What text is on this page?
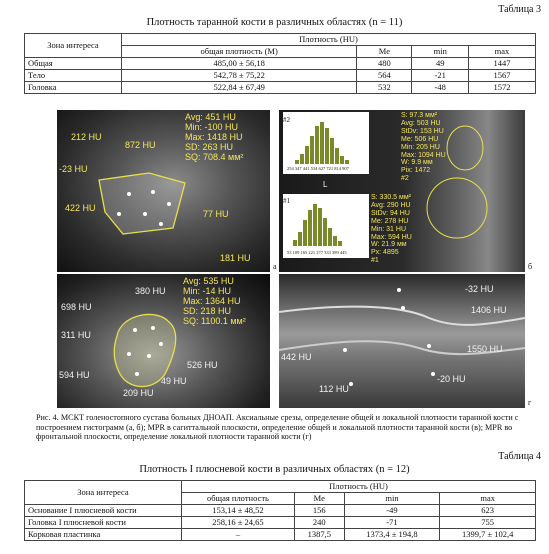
Таблица 3
Плотность таранной кости в различных областях (n = 11)
Зона интереса	Плотность (HU)			
	общая плотность (M)	Me	min	max
Общая	485,00 ± 56,18	480	49	1447
Тело	542,78 ± 75,22	564	-21	1567
Головка	522,84 ± 67,49	532	-48	1572
Avg: 451 HU
Min: -100 HU
Max: 1418 HU
SD: 263 HU
SQ: 708.4 мм²
212 HU
872 HU
-23 HU
422 HU
77 HU
181 HU
а
#2
#1
254 347 441 534 627 721 814 907
53 109 165 221 277 333 389 445
L
S: 97.3 мм²
Avg: 503 HU
StDv: 153 HU
Me: 506 HU
Min: 205 HU
Max: 1094 HU
W: 9.9 мм
Pix: 1472
#2
S: 330.5 мм²
Avg: 290 HU
StDv: 94 HU
Me: 278 HU
Min: 31 HU
Max: 594 HU
W: 21.9 мм
Px: 4895
#1
б
Avg: 535 HU
Min: -14 HU
Max: 1364 HU
SD: 218 HU
SQ: 1100.1 мм²
380 HU
698 HU
311 HU
526 HU
594 HU
49 HU
209 HU
в
-32 HU
1406 HU
1550 HU
442 HU
-20 HU
112 HU
г
Рис. 4. МСКТ голеностопного сустава больных ДНОАП. Аксиальные срезы, определение общей и локальной плотности таранной кости с построением гистограмм (а, б); MPR в сагиттальной плоскости, определение общей и локальной плотности таранной кости (в); MPR во фронтальной плоскости, определение локальной плотности таранной кости (г)
Таблица 4
Плотность I плюсневой кости в различных областях (n = 12)
Зона интереса	Плотность (HU)			
	общая плотность	Me	min	max
Основание I плюсневой кости	153,14 ± 48,52	156	-49	623
Головка I плюсневой кости	258,16 ± 24,65	240	-71	755
Корковая пластинка	–	1387,5	1373,4 ± 194,8	1399,7 ± 102,4
